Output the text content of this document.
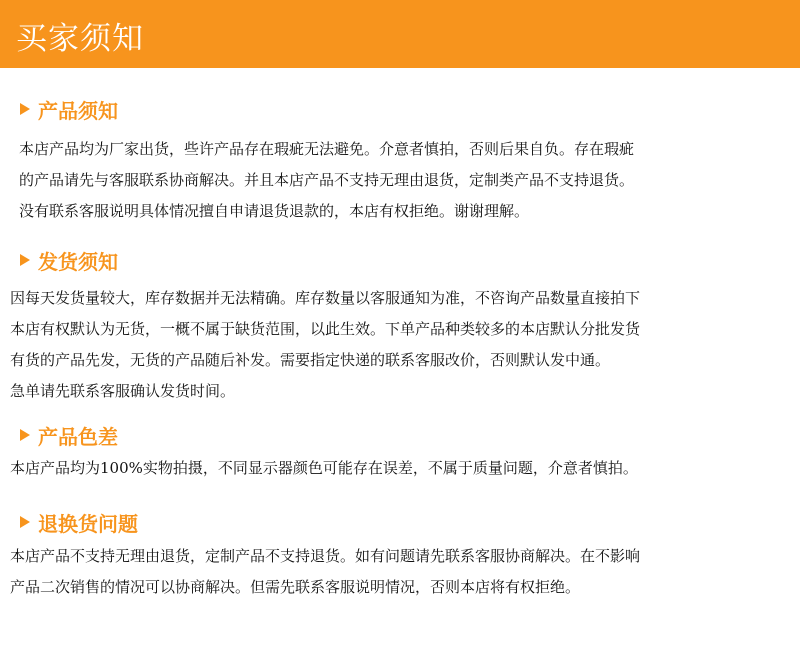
买家须知
产品须知
本店产品均为厂家出货，些许产品存在瑕疵无法避免。介意者慎拍，否则后果自负。存在瑕疵
的产品请先与客服联系协商解决。并且本店产品不支持无理由退货，定制类产品不支持退货。
没有联系客服说明具体情况擅自申请退货退款的，本店有权拒绝。谢谢理解。
发货须知
因每天发货量较大，库存数据并无法精确。库存数量以客服通知为准，不咨询产品数量直接拍下
本店有权默认为无货，一概不属于缺货范围，以此生效。下单产品种类较多的本店默认分批发货
有货的产品先发，无货的产品随后补发。需要指定快递的联系客服改价，否则默认发中通。
急单请先联系客服确认发货时间。
产品色差
本店产品均为100%实物拍摄，不同显示器颜色可能存在误差，不属于质量问题，介意者慎拍。
退换货问题
本店产品不支持无理由退货，定制产品不支持退货。如有问题请先联系客服协商解决。在不影响
产品二次销售的情况可以协商解决。但需先联系客服说明情况，否则本店将有权拒绝。
